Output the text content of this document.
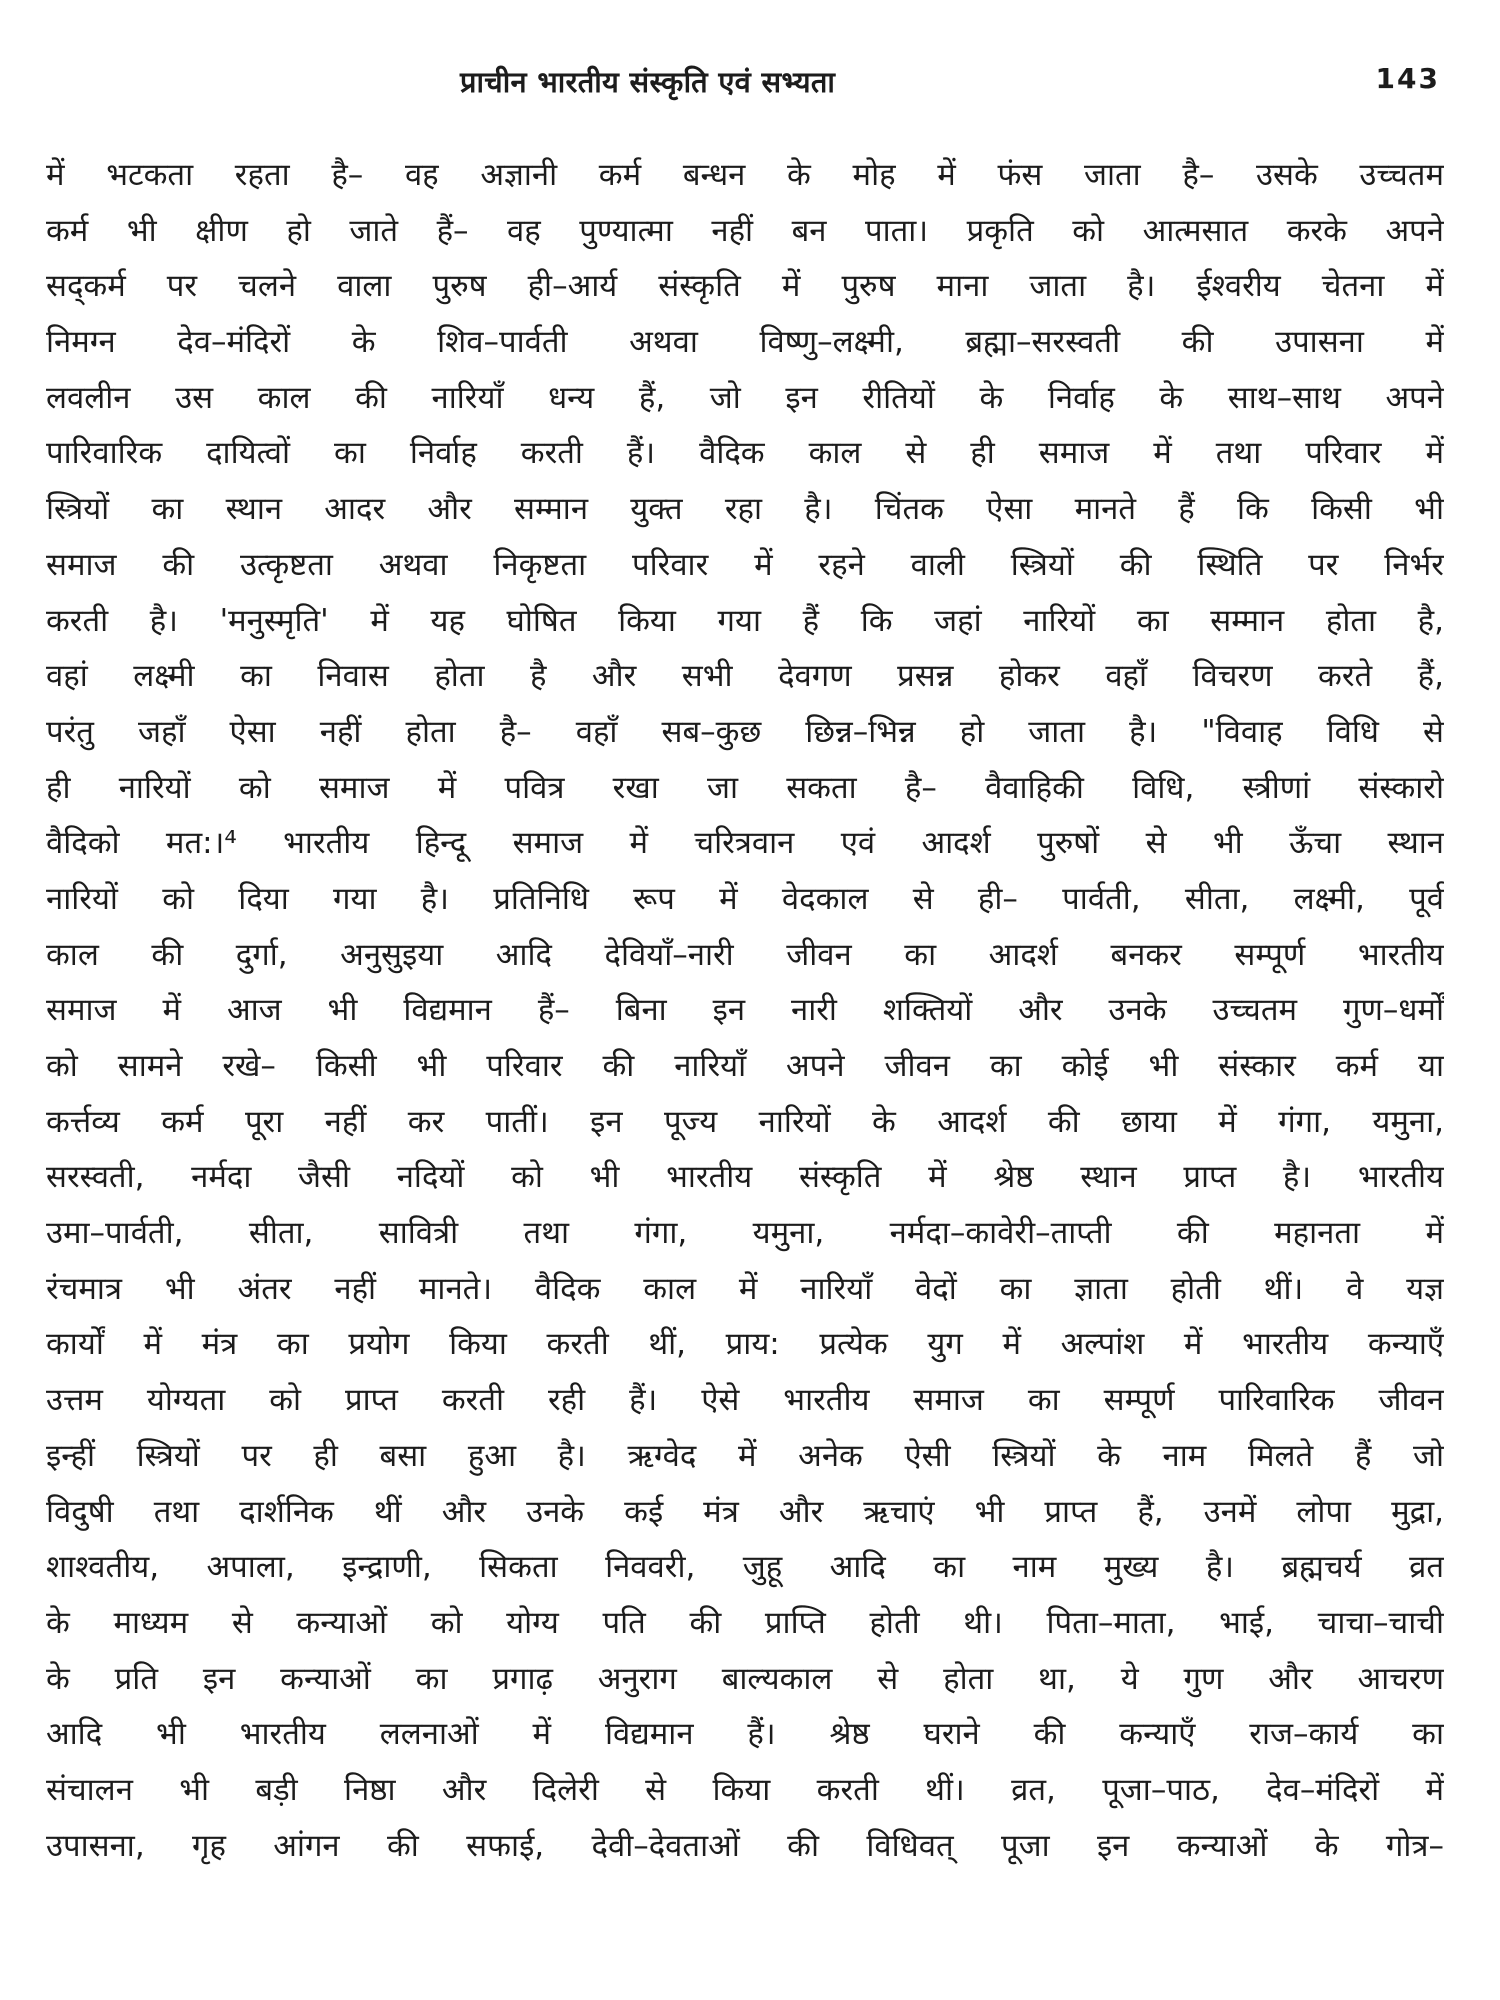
प्राचीन भारतीय संस्कृति एवं सभ्यता	143
में भटकता रहता है– वह अज्ञानी कर्म बन्धन के मोह में फंस जाता है– उसके उच्चतम
कर्म भी क्षीण हो जाते हैं– वह पुण्यात्मा नहीं बन पाता। प्रकृति को आत्मसात करके अपने
सद्कर्म पर चलने वाला पुरुष ही–आर्य संस्कृति में पुरुष माना जाता है। ईश्वरीय चेतना में
निमग्न देव–मंदिरों के शिव–पार्वती अथवा विष्णु–लक्ष्मी, ब्रह्मा–सरस्वती की उपासना में
लवलीन उस काल की नारियाँ धन्य हैं, जो इन रीतियों के निर्वाह के साथ–साथ अपने
पारिवारिक दायित्वों का निर्वाह करती हैं। वैदिक काल से ही समाज में तथा परिवार में
स्त्रियों का स्थान आदर और सम्मान युक्त रहा है। चिंतक ऐसा मानते हैं कि किसी भी
समाज की उत्कृष्टता अथवा निकृष्टता परिवार में रहने वाली स्त्रियों की स्थिति पर निर्भर
करती है। 'मनुस्मृति' में यह घोषित किया गया हैं कि जहां नारियों का सम्मान होता है,
वहां लक्ष्मी का निवास होता है और सभी देवगण प्रसन्न होकर वहाँ विचरण करते हैं,
परंतु जहाँ ऐसा नहीं होता है– वहाँ सब–कुछ छिन्न–भिन्न हो जाता है। "विवाह विधि से
ही नारियों को समाज में पवित्र रखा जा सकता है– वैवाहिकी विधि, स्त्रीणां संस्कारो
वैदिको मत:।⁴ भारतीय हिन्दू समाज में चरित्रवान एवं आदर्श पुरुषों से भी ऊँचा स्थान
नारियों को दिया गया है। प्रतिनिधि रूप में वेदकाल से ही– पार्वती, सीता, लक्ष्मी, पूर्व
काल की दुर्गा, अनुसुइया आदि देवियाँ–नारी जीवन का आदर्श बनकर सम्पूर्ण भारतीय
समाज में आज भी विद्यमान हैं– बिना इन नारी शक्तियों और उनके उच्चतम गुण–धर्मों
को सामने रखे– किसी भी परिवार की नारियाँ अपने जीवन का कोई भी संस्कार कर्म या
कर्त्तव्य कर्म पूरा नहीं कर पातीं। इन पूज्य नारियों के आदर्श की छाया में गंगा, यमुना,
सरस्वती, नर्मदा जैसी नदियों को भी भारतीय संस्कृति में श्रेष्ठ स्थान प्राप्त है। भारतीय
उमा–पार्वती, सीता, सावित्री तथा गंगा, यमुना, नर्मदा–कावेरी–ताप्ती की महानता में
रंचमात्र भी अंतर नहीं मानते। वैदिक काल में नारियाँ वेदों का ज्ञाता होती थीं। वे यज्ञ
कार्यों में मंत्र का प्रयोग किया करती थीं, प्राय: प्रत्येक युग में अल्पांश में भारतीय कन्याएँ
उत्तम योग्यता को प्राप्त करती रही हैं। ऐसे भारतीय समाज का सम्पूर्ण पारिवारिक जीवन
इन्हीं स्त्रियों पर ही बसा हुआ है। ऋग्वेद में अनेक ऐसी स्त्रियों के नाम मिलते हैं जो
विदुषी तथा दार्शनिक थीं और उनके कई मंत्र और ऋचाएं भी प्राप्त हैं, उनमें लोपा मुद्रा,
शाश्वतीय, अपाला, इन्द्राणी, सिकता निववरी, जुहू आदि का नाम मुख्य है। ब्रह्मचर्य व्रत
के माध्यम से कन्याओं को योग्य पति की प्राप्ति होती थी। पिता–माता, भाई, चाचा–चाची
के प्रति इन कन्याओं का प्रगाढ़ अनुराग बाल्यकाल से होता था, ये गुण और आचरण
आदि भी भारतीय ललनाओं में विद्यमान हैं। श्रेष्ठ घराने की कन्याएँ राज–कार्य का
संचालन भी बड़ी निष्ठा और दिलेरी से किया करती थीं। व्रत, पूजा–पाठ, देव–मंदिरों में
उपासना, गृह आंगन की सफाई, देवी–देवताओं की विधिवत् पूजा इन कन्याओं के गोत्र–
